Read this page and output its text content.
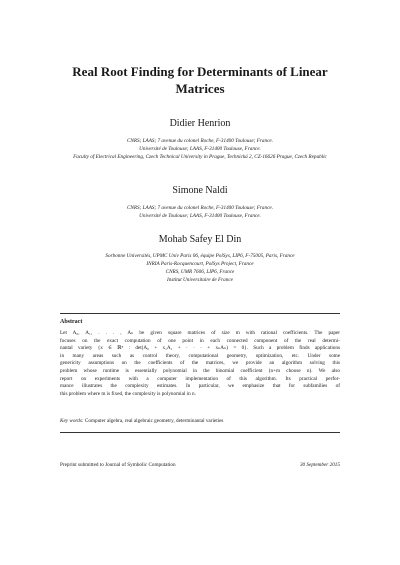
Real Root Finding for Determinants of Linear
Matrices
Didier Henrion
CNRS; LAAS; 7 avenue du colonel Roche, F-31400 Toulouse; France.
Université de Toulouse; LAAS, F-31400 Toulouse, France.
Faculty of Electrical Engineering, Czech Technical University in Prague, Technická 2, CZ-16626 Prague, Czech Republic
Simone Naldi
CNRS; LAAS; 7 avenue du colonel Roche, F-31400 Toulouse; France.
Université de Toulouse; LAAS, F-31400 Toulouse, France.
Mohab Safey El Din
Sorbonne Universités, UPMC Univ Paris 06, équipe PolSys, LIP6, F-75005, Paris, France
INRIA Paris-Rocquencourt, PolSys Project, France
CNRS, UMR 7606, LIP6, France
Institut Universitaire de France
Abstract
Let A₀, A₁, . . . , Aₙ be given square matrices of size m with rational coefficients. The paper
focuses on the exact computation of one point in each connected component of the real determi-
nantal variety {x ∈ ℝⁿ : det(A₀ + x₁A₁ + · · · + xₙAₙ) = 0}. Such a problem finds applications
in many areas such as control theory, computational geometry, optimization, etc. Under some
genericity assumptions on the coefficients of the matrices, we provide an algorithm solving this
problem whose runtime is essentially polynomial in the binomial coefficient (n+m choose n). We also
report on experiments with a computer implementation of this algorithm. Its practical perfor-
mance illustrates the complexity estimates. In particular, we emphasize that for subfamilies of
this problem where m is fixed, the complexity is polynomial in n.
Key words: Computer algebra, real algebraic geometry, determinantal varieties
Preprint submitted to Journal of Symbolic Computation	30 September 2015
